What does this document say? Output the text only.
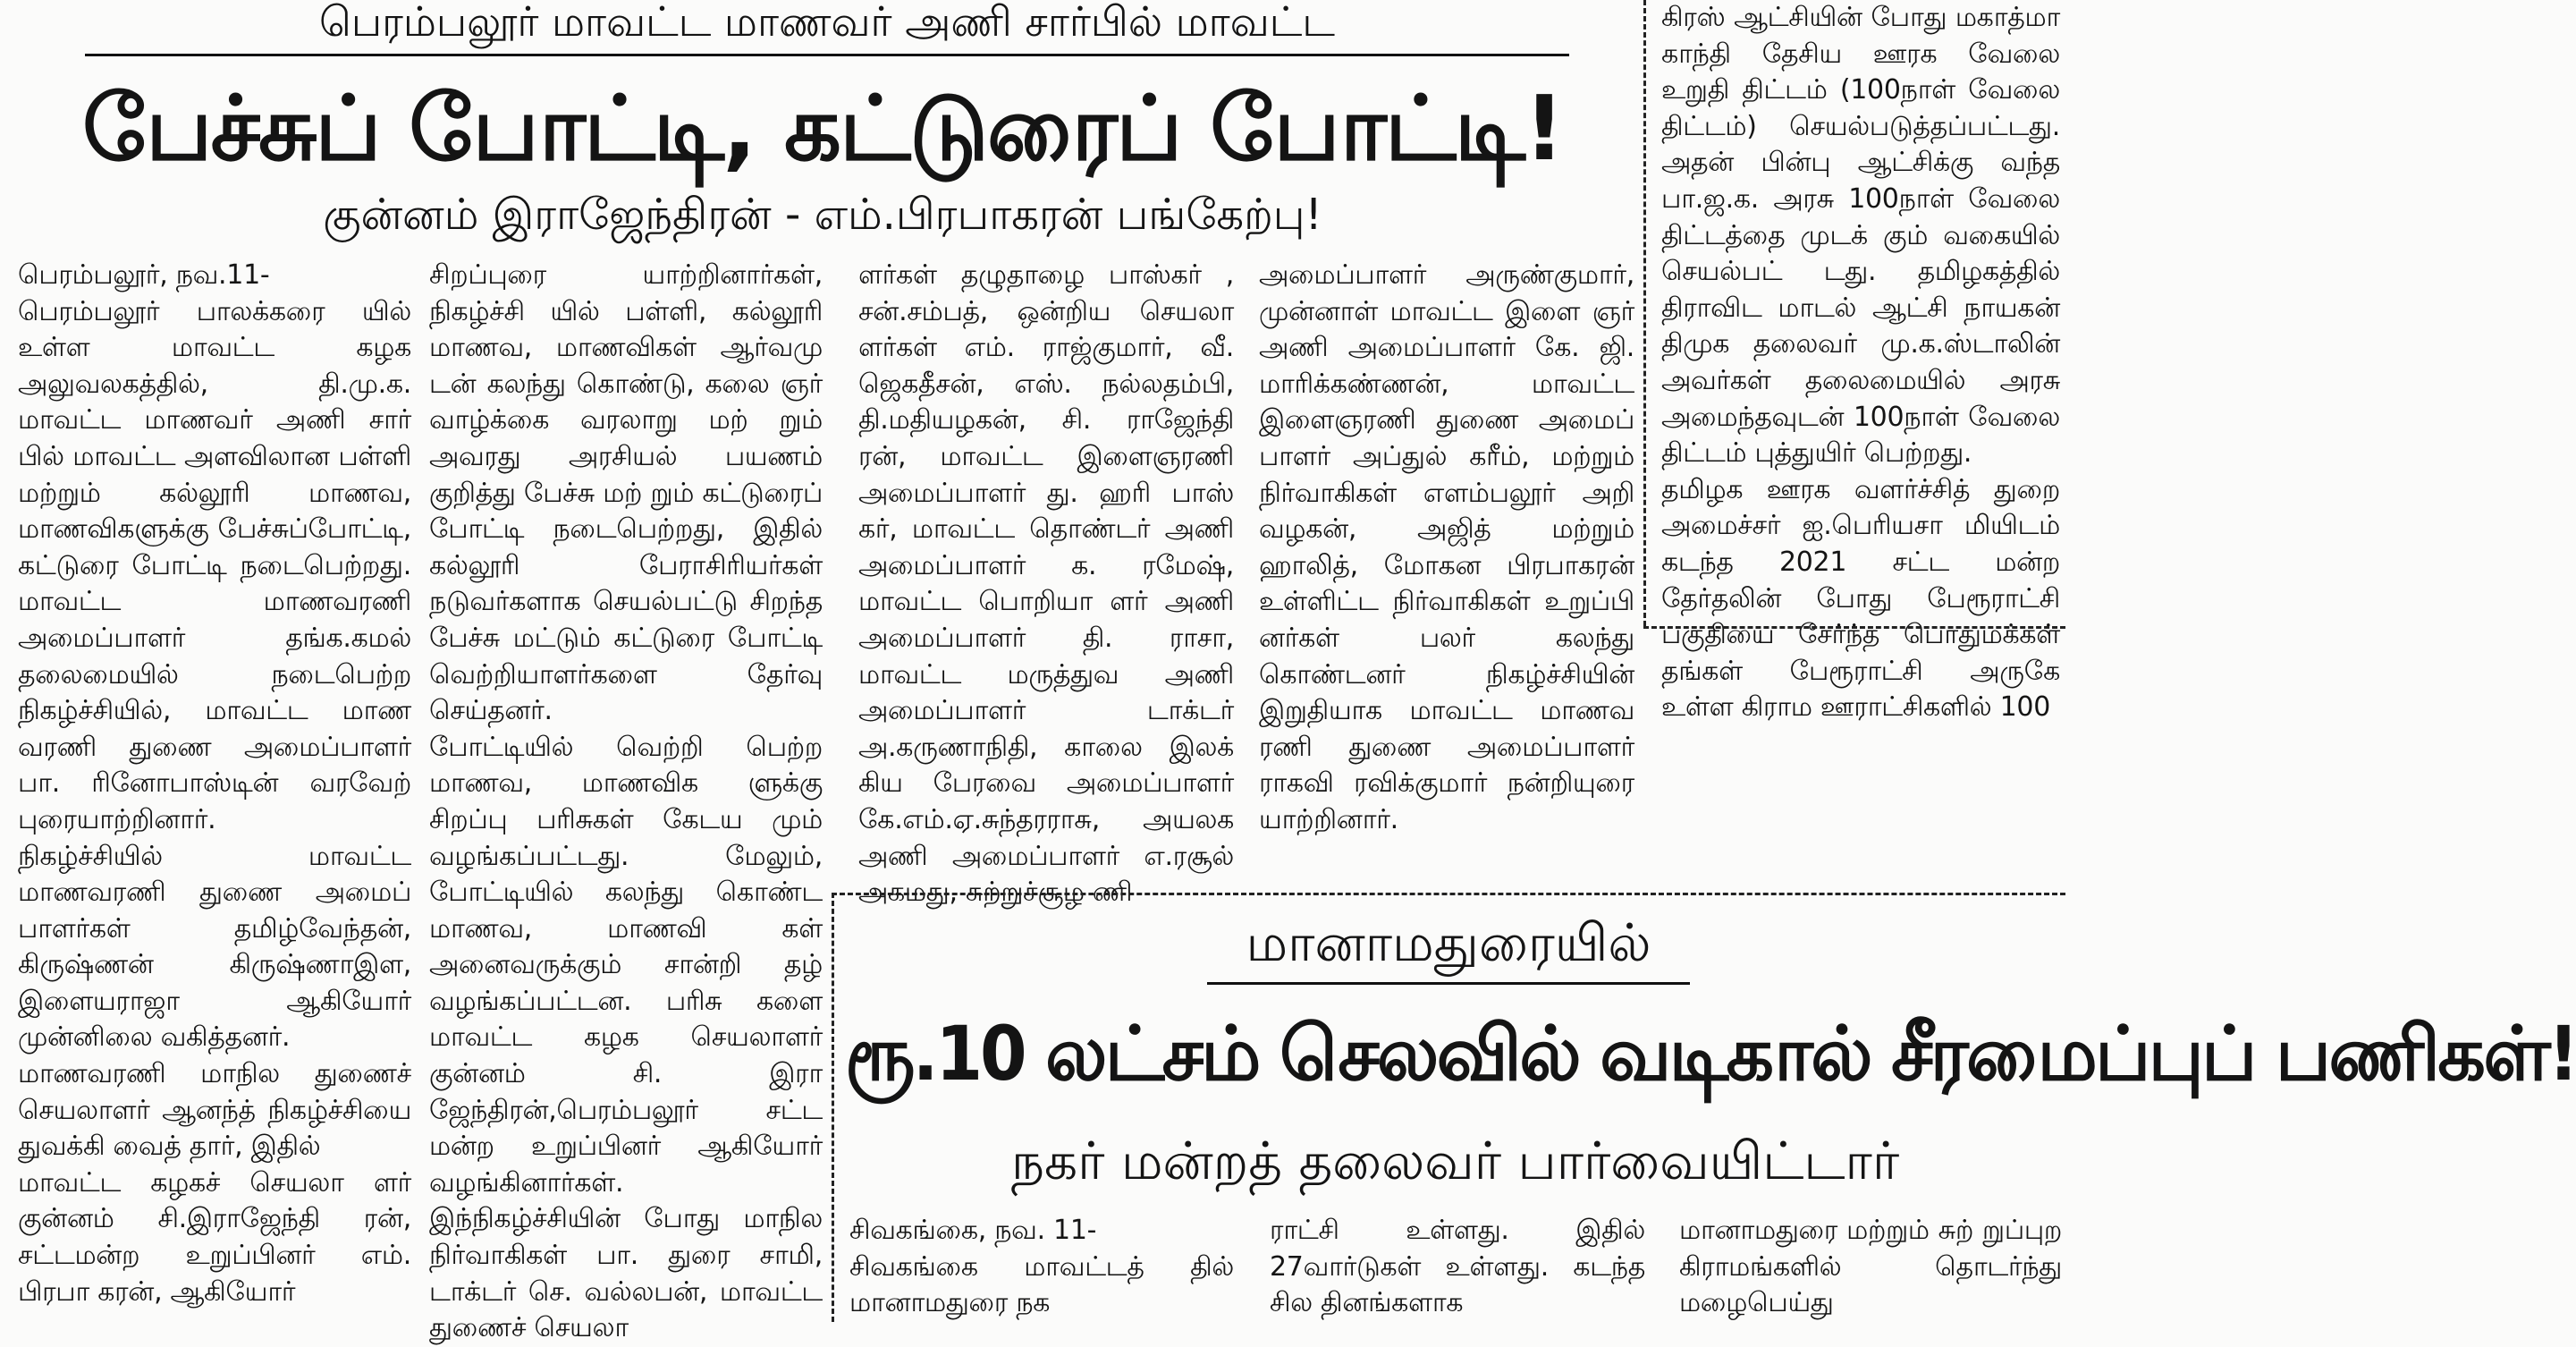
பெரம்பலூர் மாவட்ட மாணவர் அணி சார்பில் மாவட்ட
பேச்சுப் போட்டி, கட்டுரைப் போட்டி!
குன்னம் இராஜேந்திரன் - எம்.பிரபாகரன் பங்கேற்பு!

பெரம்பலூர், நவ.11-
பெரம்பலூர் பாலக்கரை யில் உள்ள மாவட்ட கழக அலுவலகத்தில், தி.மு.க. மாவட்ட மாணவர் அணி சார் பில் மாவட்ட அளவிலான பள்ளி மற்றும் கல்லூரி மாணவ, மாணவிகளுக்கு பேச்சுப்போட்டி, கட்டுரை போட்டி நடைபெற்றது. மாவட்ட மாணவரணி அமைப்பாளர் தங்க.கமல் தலைமையில் நடைபெற்ற நிகழ்ச்சியில், மாவட்ட மாண வரணி துணை அமைப்பாளர் பா. ரினோபாஸ்டின் வரவேற் புரையாற்றினார்.
நிகழ்ச்சியில் மாவட்ட மாணவரணி துணை அமைப் பாளர்கள் தமிழ்வேந்தன், கிருஷ்ணன் கிருஷ்ணாஇள, இளையராஜா ஆகியோர் முன்னிலை வகித்தனர்.
மாணவரணி மாநில துணைச் செயலாளர் ஆனந்த் நிகழ்ச்சியை துவக்கி வைத் தார், இதில்
மாவட்ட கழகச் செயலா ளர் குன்னம் சி.இராஜேந்தி ரன், சட்டமன்ற உறுப்பினர் எம். பிரபா கரன், ஆகியோர்

சிறப்புரை யாற்றினார்கள், நிகழ்ச்சி யில் பள்ளி, கல்லூரி மாணவ, மாணவிகள் ஆர்வமு டன் கலந்து கொண்டு, கலை ஞர் வாழ்க்கை வரலாறு மற் றும் அவரது அரசியல் பயணம் குறித்து பேச்சு மற் றும் கட்டுரைப் போட்டி நடைபெற்றது, இதில் கல்லூரி பேராசிரியர்கள் நடுவர்களாக செயல்பட்டு சிறந்த பேச்சு மட்டும் கட்டுரை போட்டி வெற்றியாளர்களை தேர்வு செய்தனர்.
போட்டியில் வெற்றி பெற்ற மாணவ, மாணவிக ளுக்கு சிறப்பு பரிசுகள் கேடய மும் வழங்கப்பட்டது. மேலும், போட்டியில் கலந்து கொண்ட மாணவ, மாணவி கள் அனைவருக்கும் சான்றி தழ் வழங்கப்பட்டன. பரிசு களை மாவட்ட கழக செயலாளர் குன்னம் சி. இரா ஜேந்திரன்,பெரம்பலூர் சட்ட மன்ற உறுப்பினர் ஆகியோர் வழங்கினார்கள்.
இந்நிகழ்ச்சியின் போது மாநில நிர்வாகிகள் பா. துரை சாமி, டாக்டர் செ. வல்லபன், மாவட்ட துணைச் செயலா

ளர்கள் தழுதாழை பாஸ்கர் , சன்.சம்பத், ஒன்றிய செயலா ளர்கள் எம். ராஜ்குமார், வீ. ஜெகதீசன், எஸ். நல்லதம்பி, தி.மதியழகன், சி. ராஜேந்தி ரன், மாவட்ட இளைஞரணி அமைப்பாளர் து. ஹரி பாஸ் கர், மாவட்ட தொண்டர் அணி அமைப்பாளர் க. ரமேஷ், மாவட்ட பொறியா ளர் அணி அமைப்பாளர் தி. ராசா, மாவட்ட மருத்துவ அணி அமைப்பாளர் டாக்டர் அ.கருணாநிதி, காலை இலக் கிய பேரவை அமைப்பாளர் கே.எம்.ஏ.சுந்தரராசு, அயலக அணி அமைப்பாளர் எ.ரசூல் அகமது, சுற்றுச்சூழ ணி

அமைப்பாளர் அருண்குமார், முன்னாள் மாவட்ட இளை ஞர் அணி அமைப்பாளர் கே. ஜி. மாரிக்கண்ணன், மாவட்ட இளைஞரணி துணை அமைப் பாளர் அப்துல் கரீம், மற்றும் நிர்வாகிகள் எளம்பலூர் அறி வழகன், அஜித் மற்றும் ஹாலித், மோகன பிரபாகரன் உள்ளிட்ட நிர்வாகிகள் உறுப்பி னர்கள் பலர் கலந்து கொண்டனர் நிகழ்ச்சியின் இறுதியாக மாவட்ட மாணவ ரணி துணை அமைப்பாளர் ராகவி ரவிக்குமார் நன்றியுரை யாற்றினார்.

கிரஸ் ஆட்சியின் போது மகாத்மா காந்தி தேசிய ஊரக வேலை உறுதி திட்டம் (100நாள் வேலை திட்டம்) செயல்படுத்தப்பட்டது. அதன் பின்பு ஆட்சிக்கு வந்த பா.ஜ.க. அரசு 100நாள் வேலை திட்டத்தை முடக் கும் வகையில் செயல்பட் டது. தமிழகத்தில் திராவிட மாடல் ஆட்சி நாயகன் திமுக தலைவர் மு.க.ஸ்டாலின் அவர்கள் தலைமையில் அரசு அமைந்தவுடன் 100நாள் வேலை திட்டம் புத்துயிர் பெற்றது.
தமிழக ஊரக வளர்ச்சித் துறை அமைச்சர் ஐ.பெரியசா மியிடம் கடந்த 2021 சட்ட மன்ற தேர்தலின் போது பேரூராட்சி பகுதியை சேர்ந்த பொதுமக்கள் தங்கள் பேரூராட்சி அருகே உள்ள கிராம ஊராட்சிகளில் 100

மானாமதுரையில்
ரூ.10 லட்சம் செலவில் வடிகால் சீரமைப்புப் பணிகள்!
நகர் மன்றத் தலைவர் பார்வையிட்டார்

சிவகங்கை, நவ. 11-
சிவகங்கை மாவட்டத் தில் மானாமதுரை நக

ராட்சி உள்ளது. இதில் 27வார்டுகள் உள்ளது. கடந்த சில தினங்களாக

மானாமதுரை மற்றும் சுற் றுப்புற கிராமங்களில் தொடர்ந்து மழைபெய்து
